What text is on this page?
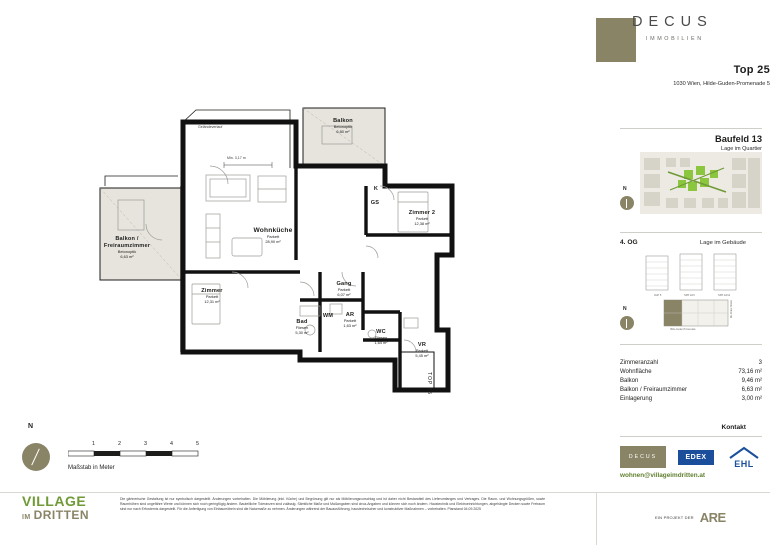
Balkon
Betonoptik
6,80 m²
Balkon /
Freiraumzimmer
Betonoptik
6,63 m²
Wohnküche
Parkett
28,90 m²
Zimmer 2
Parkett
12,38 m²
Zimmer
Parkett
12,31 m²
Gang
Parkett
6,07 m²
Bad
Fliesen
5,30 m²
WM	AR
Parkett
1,63 m²
WC
Fliesen
1,64 m²	VR
Parkett
5,45 m²
K
GS
Min. 3,17 m
Geländeverlauf
TOP 25
N
1	2	3	4	5
Maßstab in Meter
VILLAGE
IM DRITTEN
Die gärtnerische Gestaltung ist nur symbolisch dargestellt. Änderungen vorbehalten. Die Möblierung (inkl. Küche) und Begrünung gilt nur als Möblierungsvorschlag und ist daher nicht Bestandteil des Lieferumfanges und Vertrages. Die Raum- und Wohnungsgrößen, sowie Raumhöhen sind ungefähre Werte und können sich noch geringfügig ändern. Bauteilliche Toleranzen sind zulässig. Sämtliche Maße und Maßangaben sind circa-Angaben und können sich noch ändern. Haustechnik und Elektroeinrichtungen, abgehängte Decken sowie Freiraum sind nur nach Erfordernis dargestellt. Für die Anfertigung von Einbaumöbeln sind die Naturmaße zu nehmen. Änderungen während der Bauausführung, haustechnischer und konstruktiver Maßnahmen – vorbehalten. Planstand 04.09.2025
EIN PROJEKT DER ARE
DECUS
IMMOBILIEN
Top 25
1030 Wien, Hilde-Guden-Promenade 5
Baufeld 13
Lage im Quartier
N
4. OG	Lage im Gebäude
4GP 5	SP8 12/3	SP8 12/14
Hilde-Guden-Promenade
Die Prater-Straße
N
Zimmeranzahl	3
Wohnfläche	73,16 m²
Balkon	9,46 m²
Balkon / Freiraumzimmer	6,63 m²
Einlagerung	3,00 m²
Kontakt
DECUS	EDEX
EHL
wohnen@villageimdritten.at
